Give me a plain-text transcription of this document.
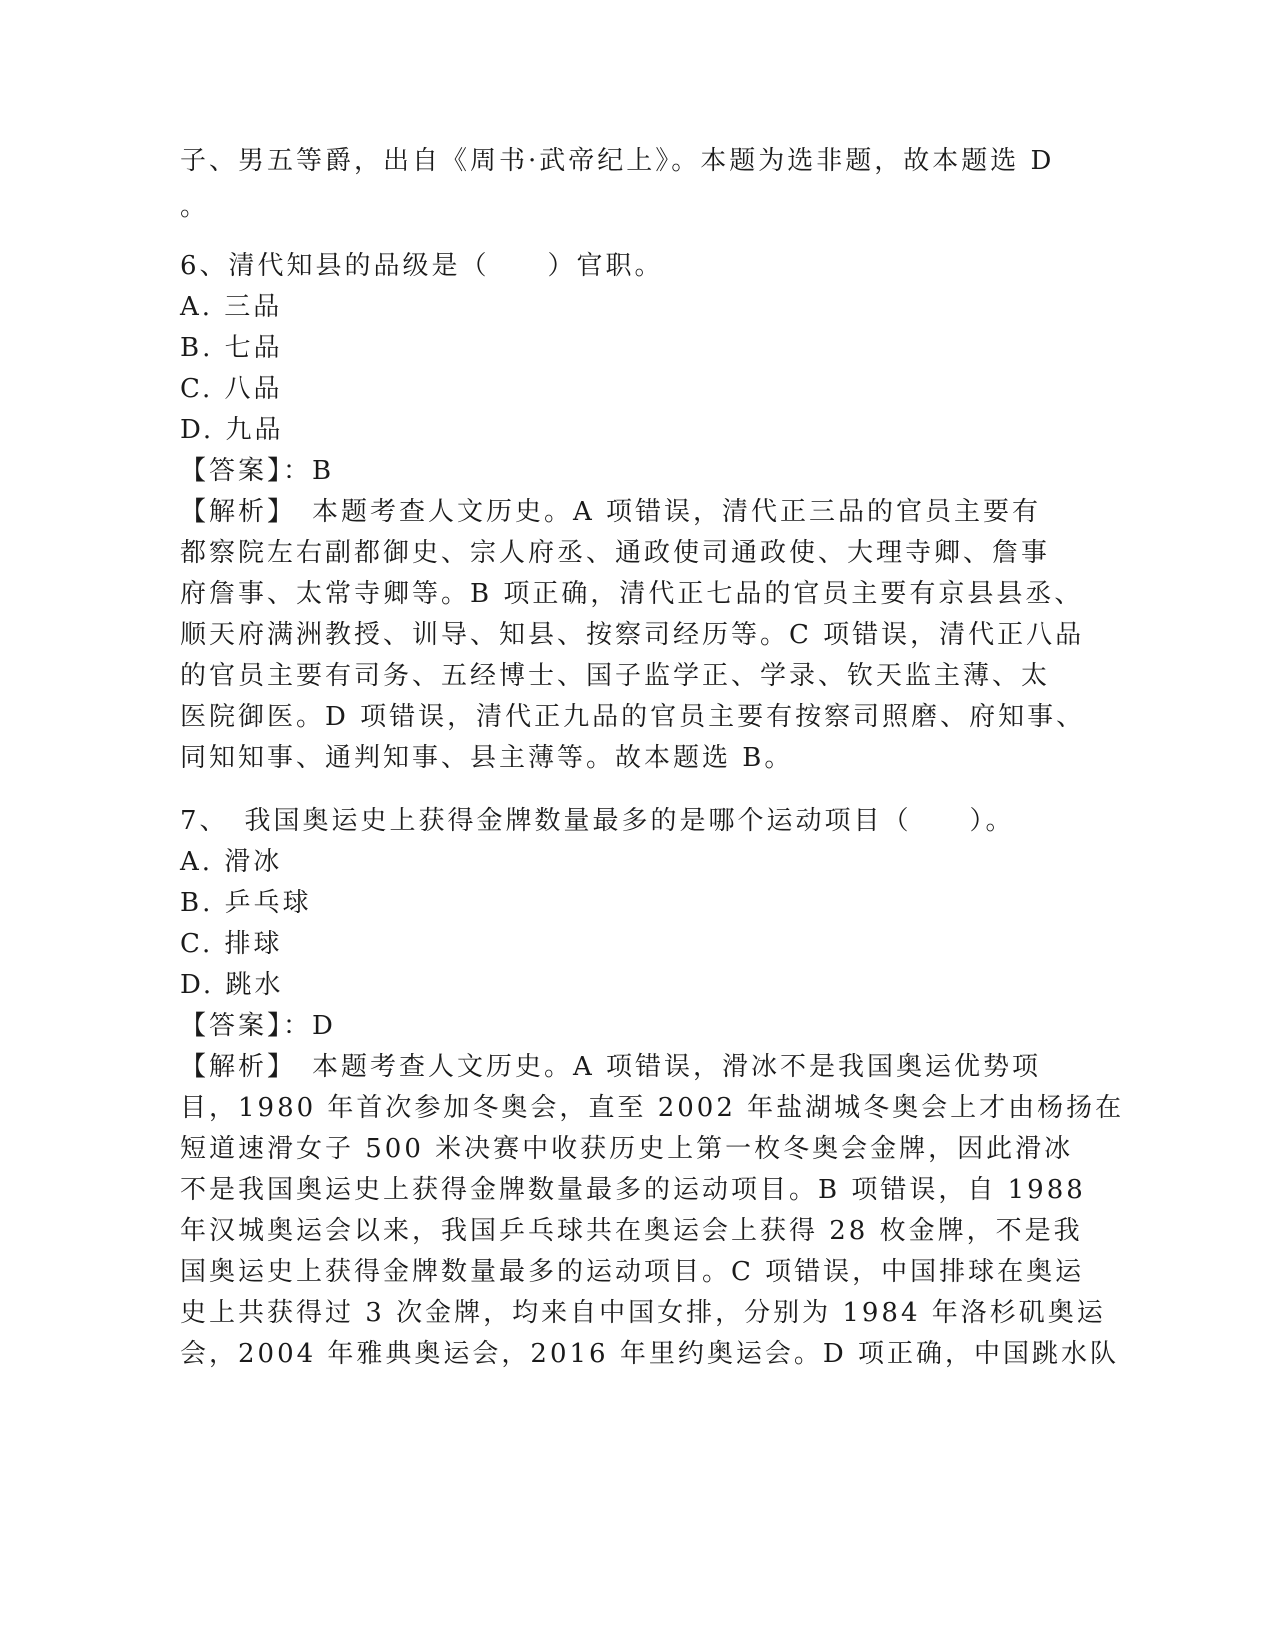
子、男五等爵，出自《周书·武帝纪上》。本题为选非题，故本题选 D
。
6、清代知县的品级是（　　）官职。
A. 三品
B. 七品
C. 八品
D. 九品
【答案】：B
【解析】　本题考查人文历史。A 项错误，清代正三品的官员主要有
都察院左右副都御史、宗人府丞、通政使司通政使、大理寺卿、詹事
府詹事、太常寺卿等。B 项正确，清代正七品的官员主要有京县县丞、
顺天府满洲教授、训导、知县、按察司经历等。C 项错误，清代正八品
的官员主要有司务、五经博士、国子监学正、学录、钦天监主薄、太
医院御医。D 项错误，清代正九品的官员主要有按察司照磨、府知事、
同知知事、通判知事、县主薄等。故本题选 B。
7、　我国奥运史上获得金牌数量最多的是哪个运动项目（　　）。
A. 滑冰
B. 乒乓球
C. 排球
D. 跳水
【答案】：D
【解析】　本题考查人文历史。A 项错误，滑冰不是我国奥运优势项
目，1980 年首次参加冬奥会，直至 2002 年盐湖城冬奥会上才由杨扬在
短道速滑女子 500 米决赛中收获历史上第一枚冬奥会金牌，因此滑冰
不是我国奥运史上获得金牌数量最多的运动项目。B 项错误，自 1988
年汉城奥运会以来，我国乒乓球共在奥运会上获得 28 枚金牌，不是我
国奥运史上获得金牌数量最多的运动项目。C 项错误，中国排球在奥运
史上共获得过 3 次金牌，均来自中国女排，分别为 1984 年洛杉矶奥运
会，2004 年雅典奥运会，2016 年里约奥运会。D 项正确，中国跳水队
